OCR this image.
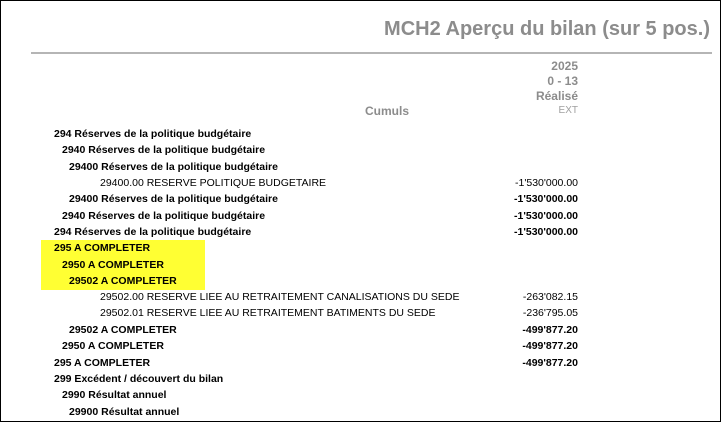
MCH2 Aperçu du bilan (sur 5 pos.)
2025
0 - 13
Réalisé
EXT
Cumuls
294 Réserves de la politique budgétaire
2940 Réserves de la politique budgétaire
29400 Réserves de la politique budgétaire
29400.00 RESERVE POLITIQUE BUDGETAIRE	-1'530'000.00
29400 Réserves de la politique budgétaire	-1'530'000.00
2940 Réserves de la politique budgétaire	-1'530'000.00
294 Réserves de la politique budgétaire	-1'530'000.00
295 A COMPLETER
2950 A COMPLETER
29502 A COMPLETER
29502.00 RESERVE LIEE AU RETRAITEMENT CANALISATIONS DU SEDE	-263'082.15
29502.01 RESERVE LIEE AU RETRAITEMENT BATIMENTS DU SEDE	-236'795.05
29502 A COMPLETER	-499'877.20
2950 A COMPLETER	-499'877.20
295 A COMPLETER	-499'877.20
299 Excédent / découvert du bilan
2990 Résultat annuel
29900 Résultat annuel
